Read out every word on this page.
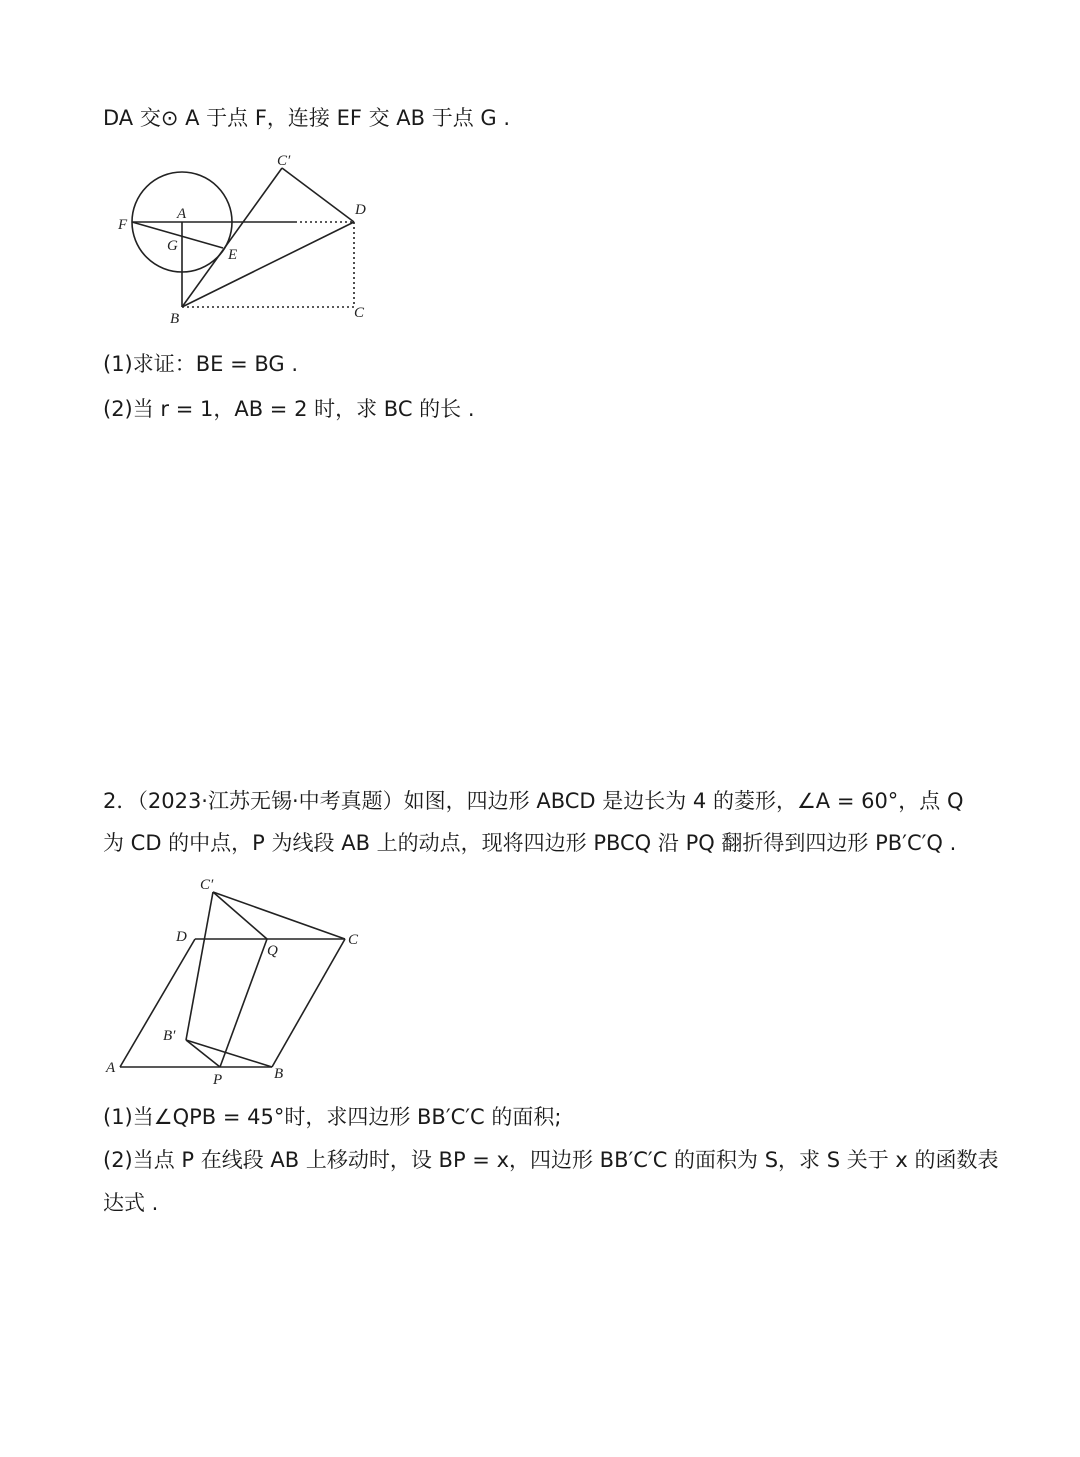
DA 交⊙ A 于点 F，连接 EF 交 AB 于点 G .
C′
D
A
F
G
E
B	C
(1)求证：BE = BG .
(2)当 r = 1，AB = 2 时，求 BC 的长 .
2．（2023·江苏无锡·中考真题）如图，四边形 ABCD 是边长为 4 的菱形，∠A = 60°，点 Q
为 CD 的中点，P 为线段 AB 上的动点，现将四边形 PBCQ 沿 PQ 翻折得到四边形 PB′C′Q .
C′
D
Q
C
B′
A
P	B
(1)当∠QPB = 45°时，求四边形 BB′C′C 的面积;
(2)当点 P 在线段 AB 上移动时，设 BP = x，四边形 BB′C′C 的面积为 S，求 S 关于 x 的函数表
达式 .
